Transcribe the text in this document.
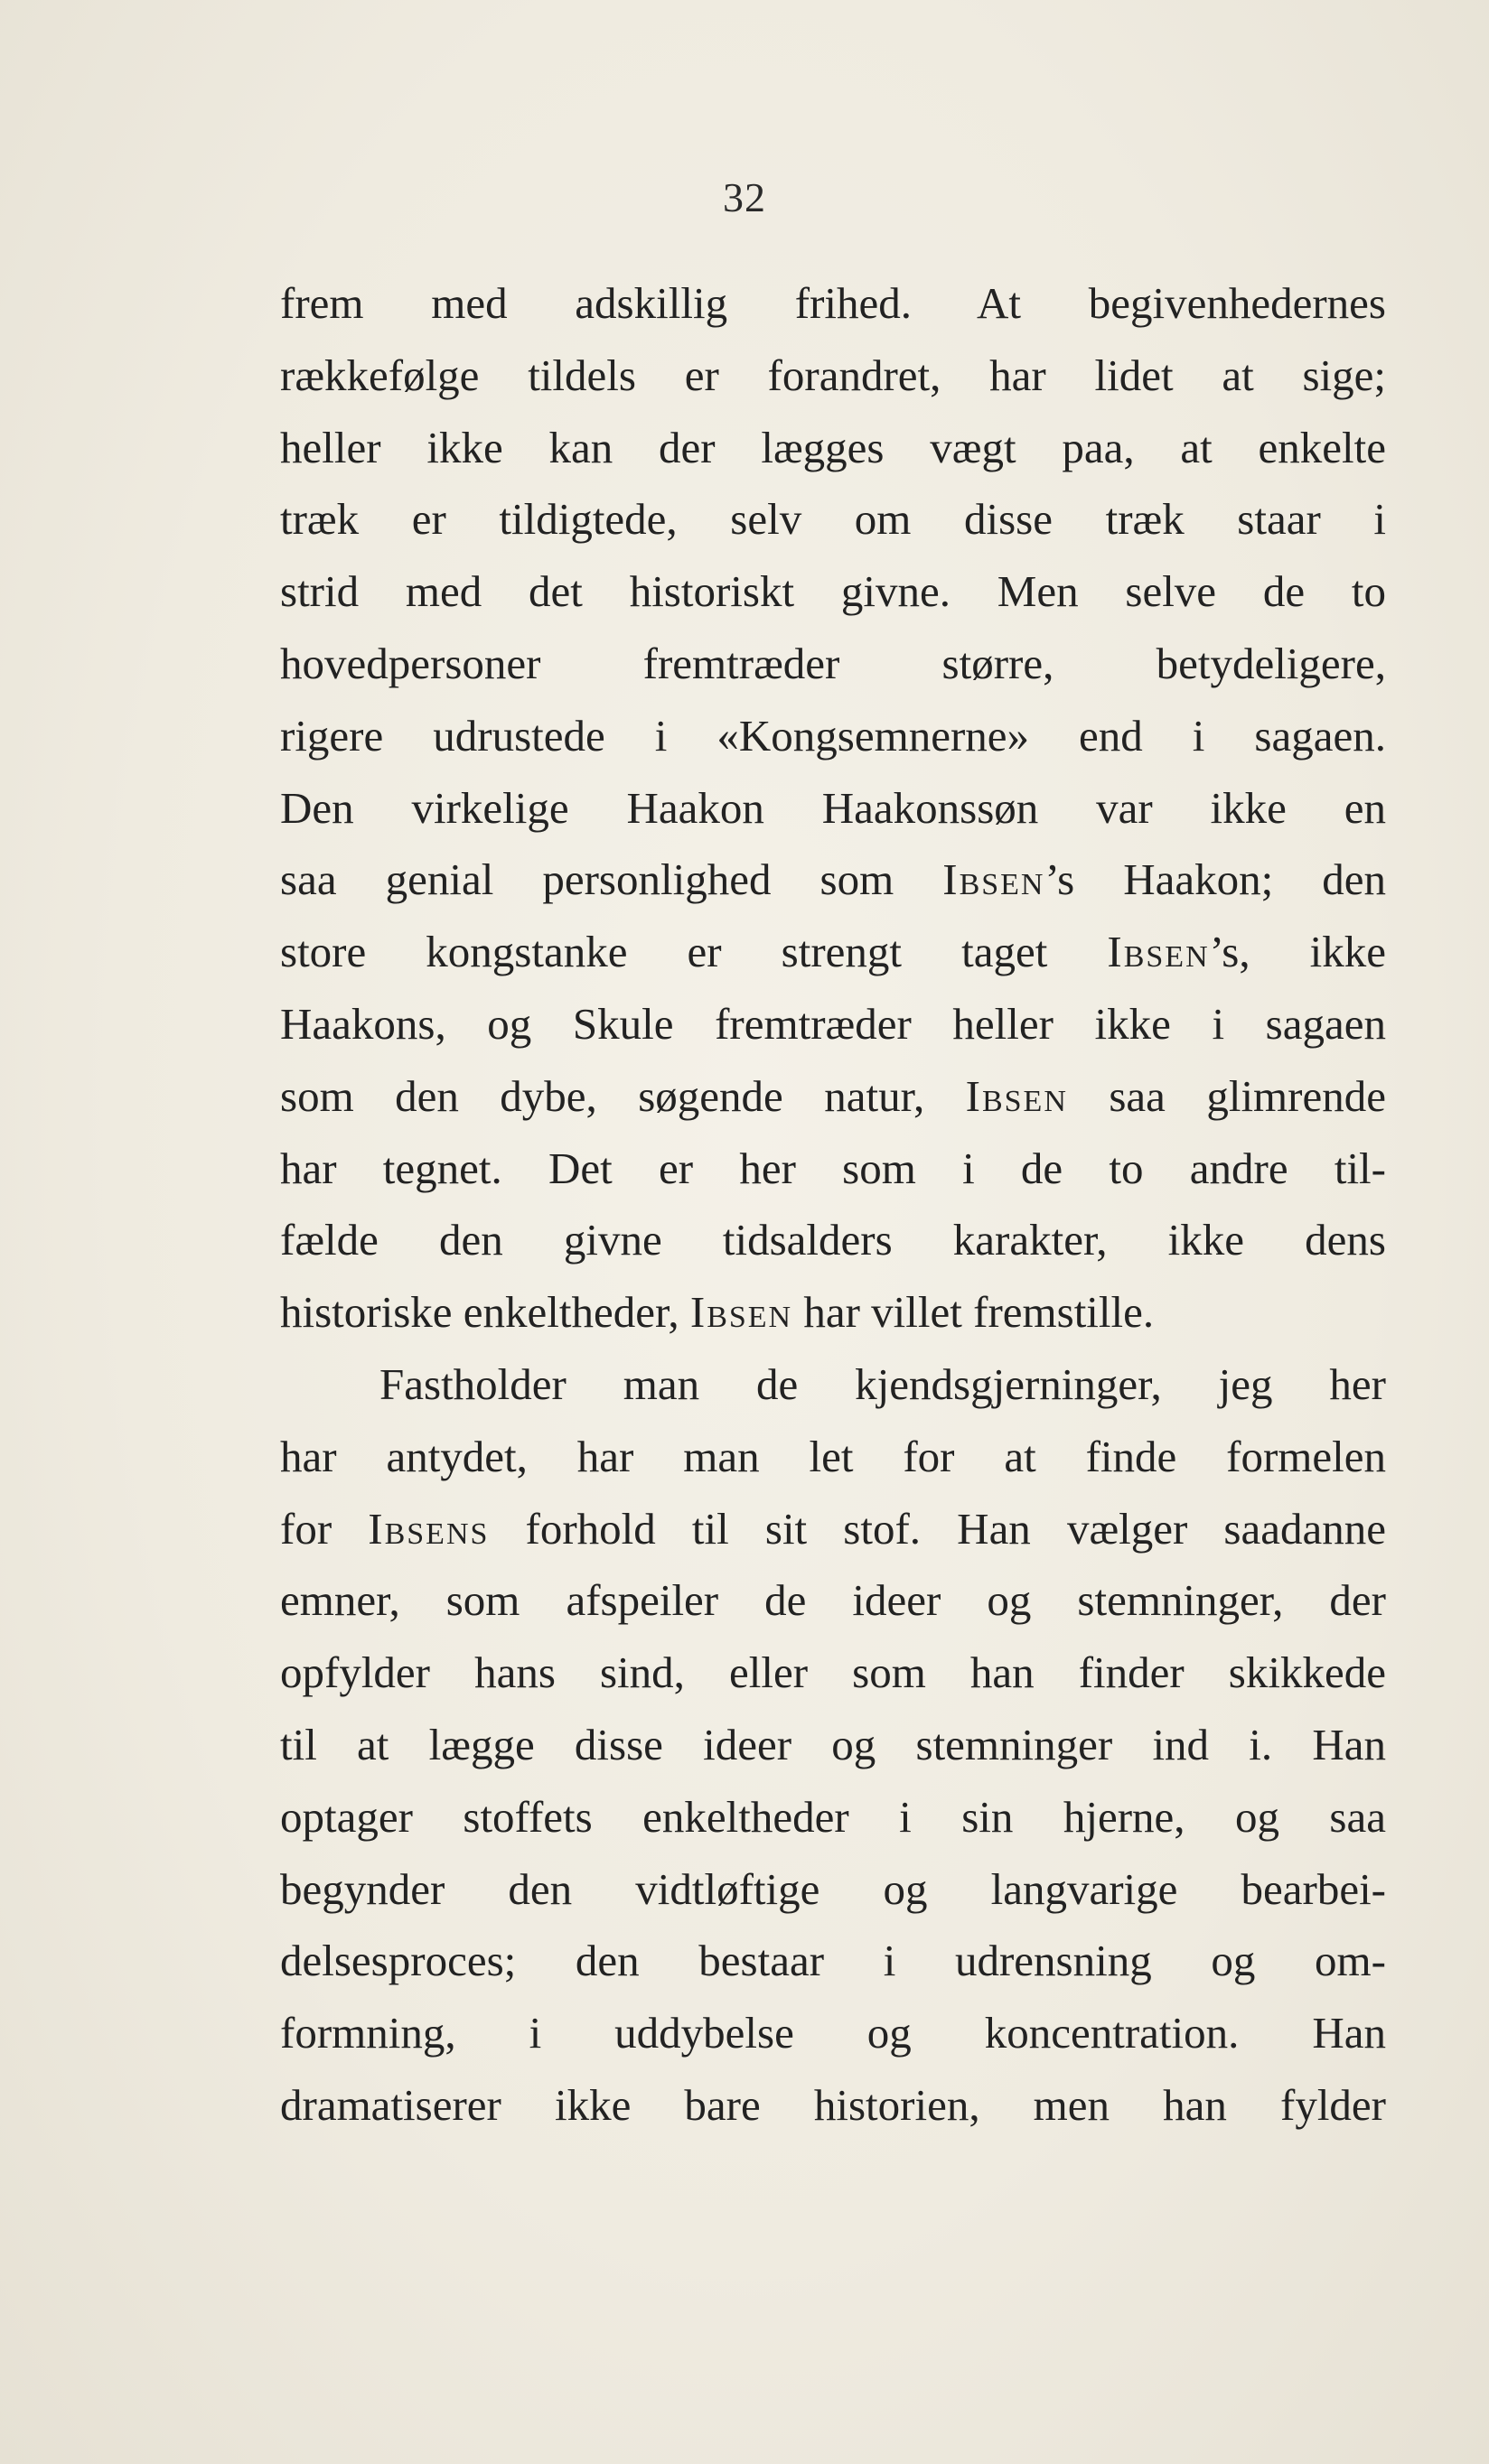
32
frem med adskillig frihed. At begivenhedernes
rækkefølge tildels er forandret, har lidet at sige;
heller ikke kan der lægges vægt paa, at enkelte
træk er tildigtede, selv om disse træk staar i
strid med det historiskt givne. Men selve de to
hovedpersoner fremtræder større, betydeligere,
rigere udrustede i «Kongsemnerne» end i sagaen.
Den virkelige Haakon Haakonssøn var ikke en
saa genial personlighed som Ibsen’s Haakon; den
store kongstanke er strengt taget Ibsen’s, ikke
Haakons, og Skule fremtræder heller ikke i sagaen
som den dybe, søgende natur, Ibsen saa glimrende
har tegnet. Det er her som i de to andre til-
fælde den givne tidsalders karakter, ikke dens
historiske enkeltheder, Ibsen har villet fremstille.
Fastholder man de kjendsgjerninger, jeg her
har antydet, har man let for at finde formelen
for Ibsens forhold til sit stof. Han vælger saadanne
emner, som afspeiler de ideer og stemninger, der
opfylder hans sind, eller som han finder skikkede
til at lægge disse ideer og stemninger ind i. Han
optager stoffets enkeltheder i sin hjerne, og saa
begynder den vidtløftige og langvarige bearbei-
delsesproces; den bestaar i udrensning og om-
formning, i uddybelse og koncentration. Han
dramatiserer ikke bare historien, men han fylder
